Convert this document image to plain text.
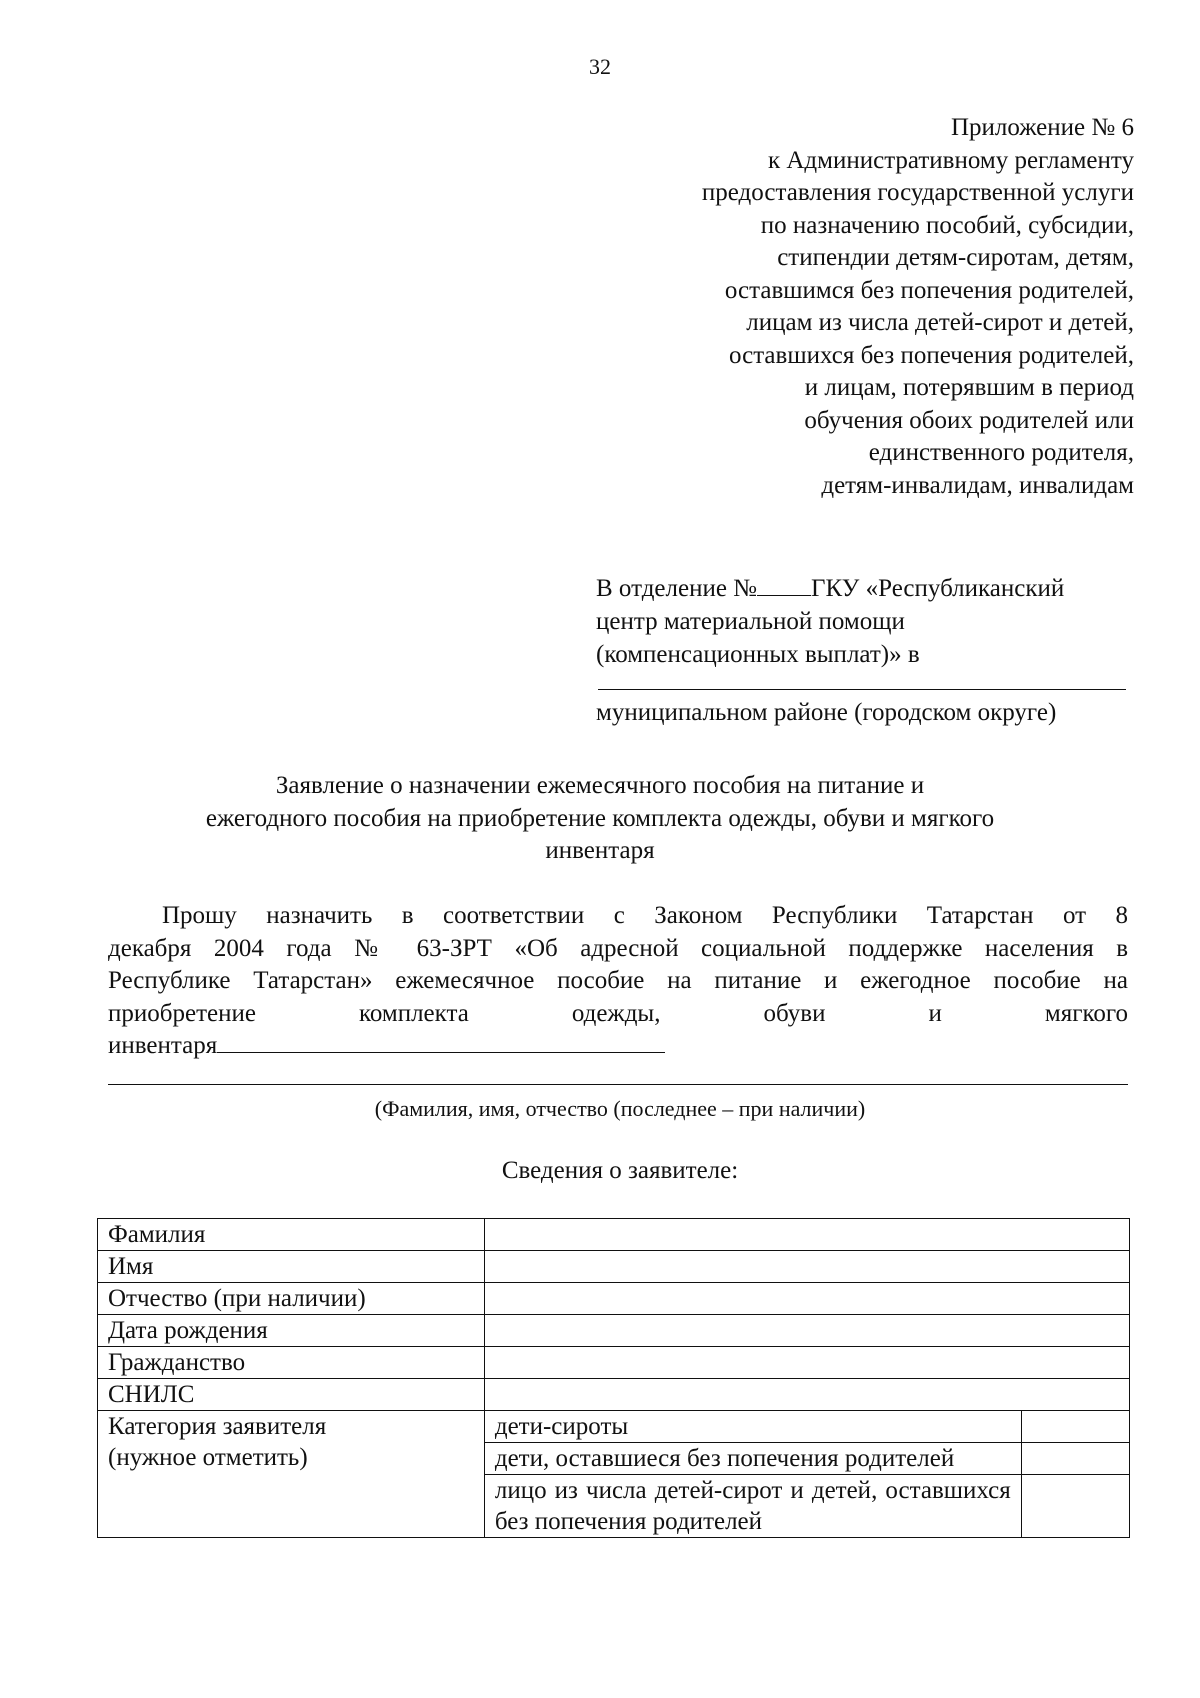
32
Приложение № 6
к Административному регламенту
предоставления государственной услуги
по назначению пособий, субсидии,
стипендии детям-сиротам, детям,
оставшимся без попечения родителей,
лицам из числа детей-сирот и детей,
оставшихся без попечения родителей,
и лицам, потерявшим в период
обучения обоих родителей или
единственного родителя,
детям-инвалидам, инвалидам
В отделение № ГКУ «Республиканский
центр материальной помощи
(компенсационных выплат)» в
муниципальном районе (городском округе)
Заявление о назначении ежемесячного пособия на питание и
ежегодного пособия на приобретение комплекта одежды, обуви и мягкого
инвентаря
Прошу назначить в соответствии с Законом Республики Татарстан от 8
декабря 2004 года № 63-ЗРТ «Об адресной социальной поддержке населения в
Республике Татарстан» ежемесячное пособие на питание и ежегодное пособие на
приобретение комплекта одежды, обуви и мягкого
инвентаря
(Фамилия, имя, отчество (последнее – при наличии)
Сведения о заявителе:
Фамилия		
Имя		
Отчество (при наличии)		
Дата рождения		
Гражданство		
СНИЛС		

Категория заявителя
(нужное отметить)	дети-сироты	
	дети, оставшиеся без попечения родителей	
	лицо из числа детей-сирот и детей, оставшихся без попечения родителей	
